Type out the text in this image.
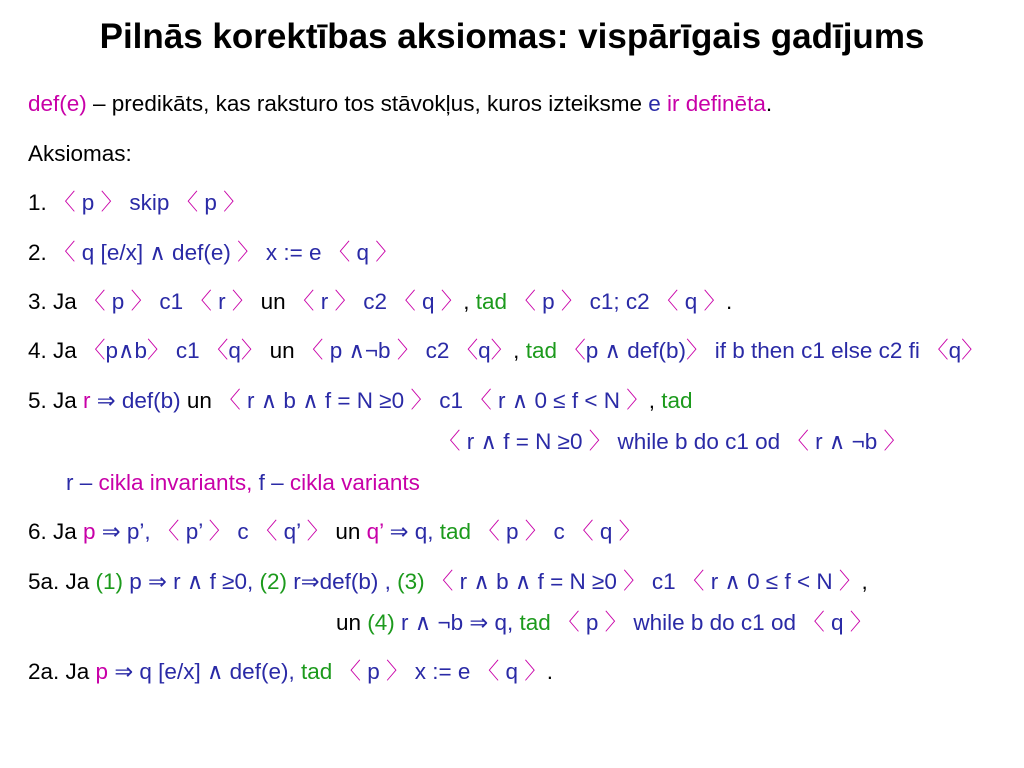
Pilnās korektības aksiomas: vispārīgais gadījums
def(e) – predikāts, kas raksturo tos stāvokļus, kuros izteiksme e ir definēta.
Aksiomas:
1. 〈 p 〉 skip 〈 p 〉
2. 〈 q [e/x] ∧ def(e) 〉 x := e 〈 q 〉
3. Ja 〈 p 〉 c1 〈 r 〉 un 〈 r 〉 c2 〈 q 〉, tad 〈 p 〉 c1; c2 〈 q 〉.
4. Ja 〈p∧b〉 c1 〈q〉 un 〈 p ∧¬b 〉 c2 〈q〉, tad 〈p ∧ def(b)〉 if b then c1 else c2 fi 〈q〉
5. Ja r ⇒ def(b) un 〈 r ∧ b ∧ f = N ≥0 〉 c1 〈 r ∧ 0 ≤ f < N 〉, tad
〈 r ∧ f = N ≥0 〉 while b do c1 od 〈 r ∧ ¬b 〉
r – cikla invariants, f – cikla variants
6. Ja p ⇒ p’, 〈 p’ 〉 c 〈 q’ 〉 un q’ ⇒ q, tad 〈 p 〉 c 〈 q 〉
5a. Ja (1) p ⇒ r ∧ f ≥0, (2) r⇒def(b) , (3) 〈 r ∧ b ∧ f = N ≥0 〉 c1 〈 r ∧ 0 ≤ f < N 〉,
un (4) r ∧ ¬b ⇒ q, tad 〈 p 〉 while b do c1 od 〈 q 〉
2a. Ja p ⇒ q [e/x] ∧ def(e), tad 〈 p 〉 x := e 〈 q 〉.
